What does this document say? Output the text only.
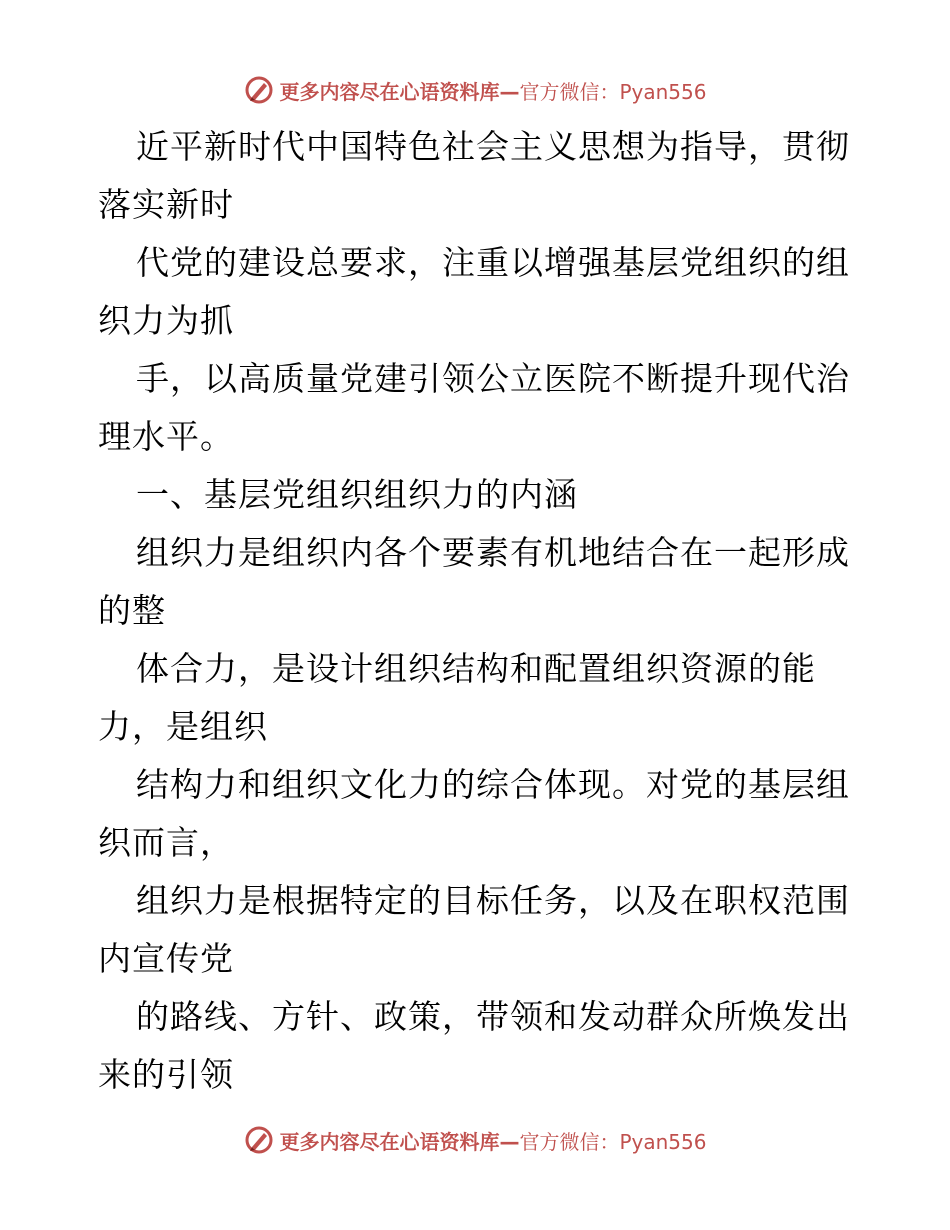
更多内容尽在心语资料库— 官方微信：Pyan556
近平新时代中国特色社会主义思想为指导，贯彻
落实新时
代党的建设总要求，注重以增强基层党组织的组
织力为抓
手，以高质量党建引领公立医院不断提升现代治
理水平。
一、基层党组织组织力的内涵
组织力是组织内各个要素有机地结合在一起形成
的整
体合力，是设计组织结构和配置组织资源的能
力，是组织
结构力和组织文化力的综合体现。对党的基层组
织而言，
组织力是根据特定的目标任务，以及在职权范围
内宣传党
的路线、方针、政策，带领和发动群众所焕发出
来的引领
更多内容尽在心语资料库— 官方微信：Pyan556
